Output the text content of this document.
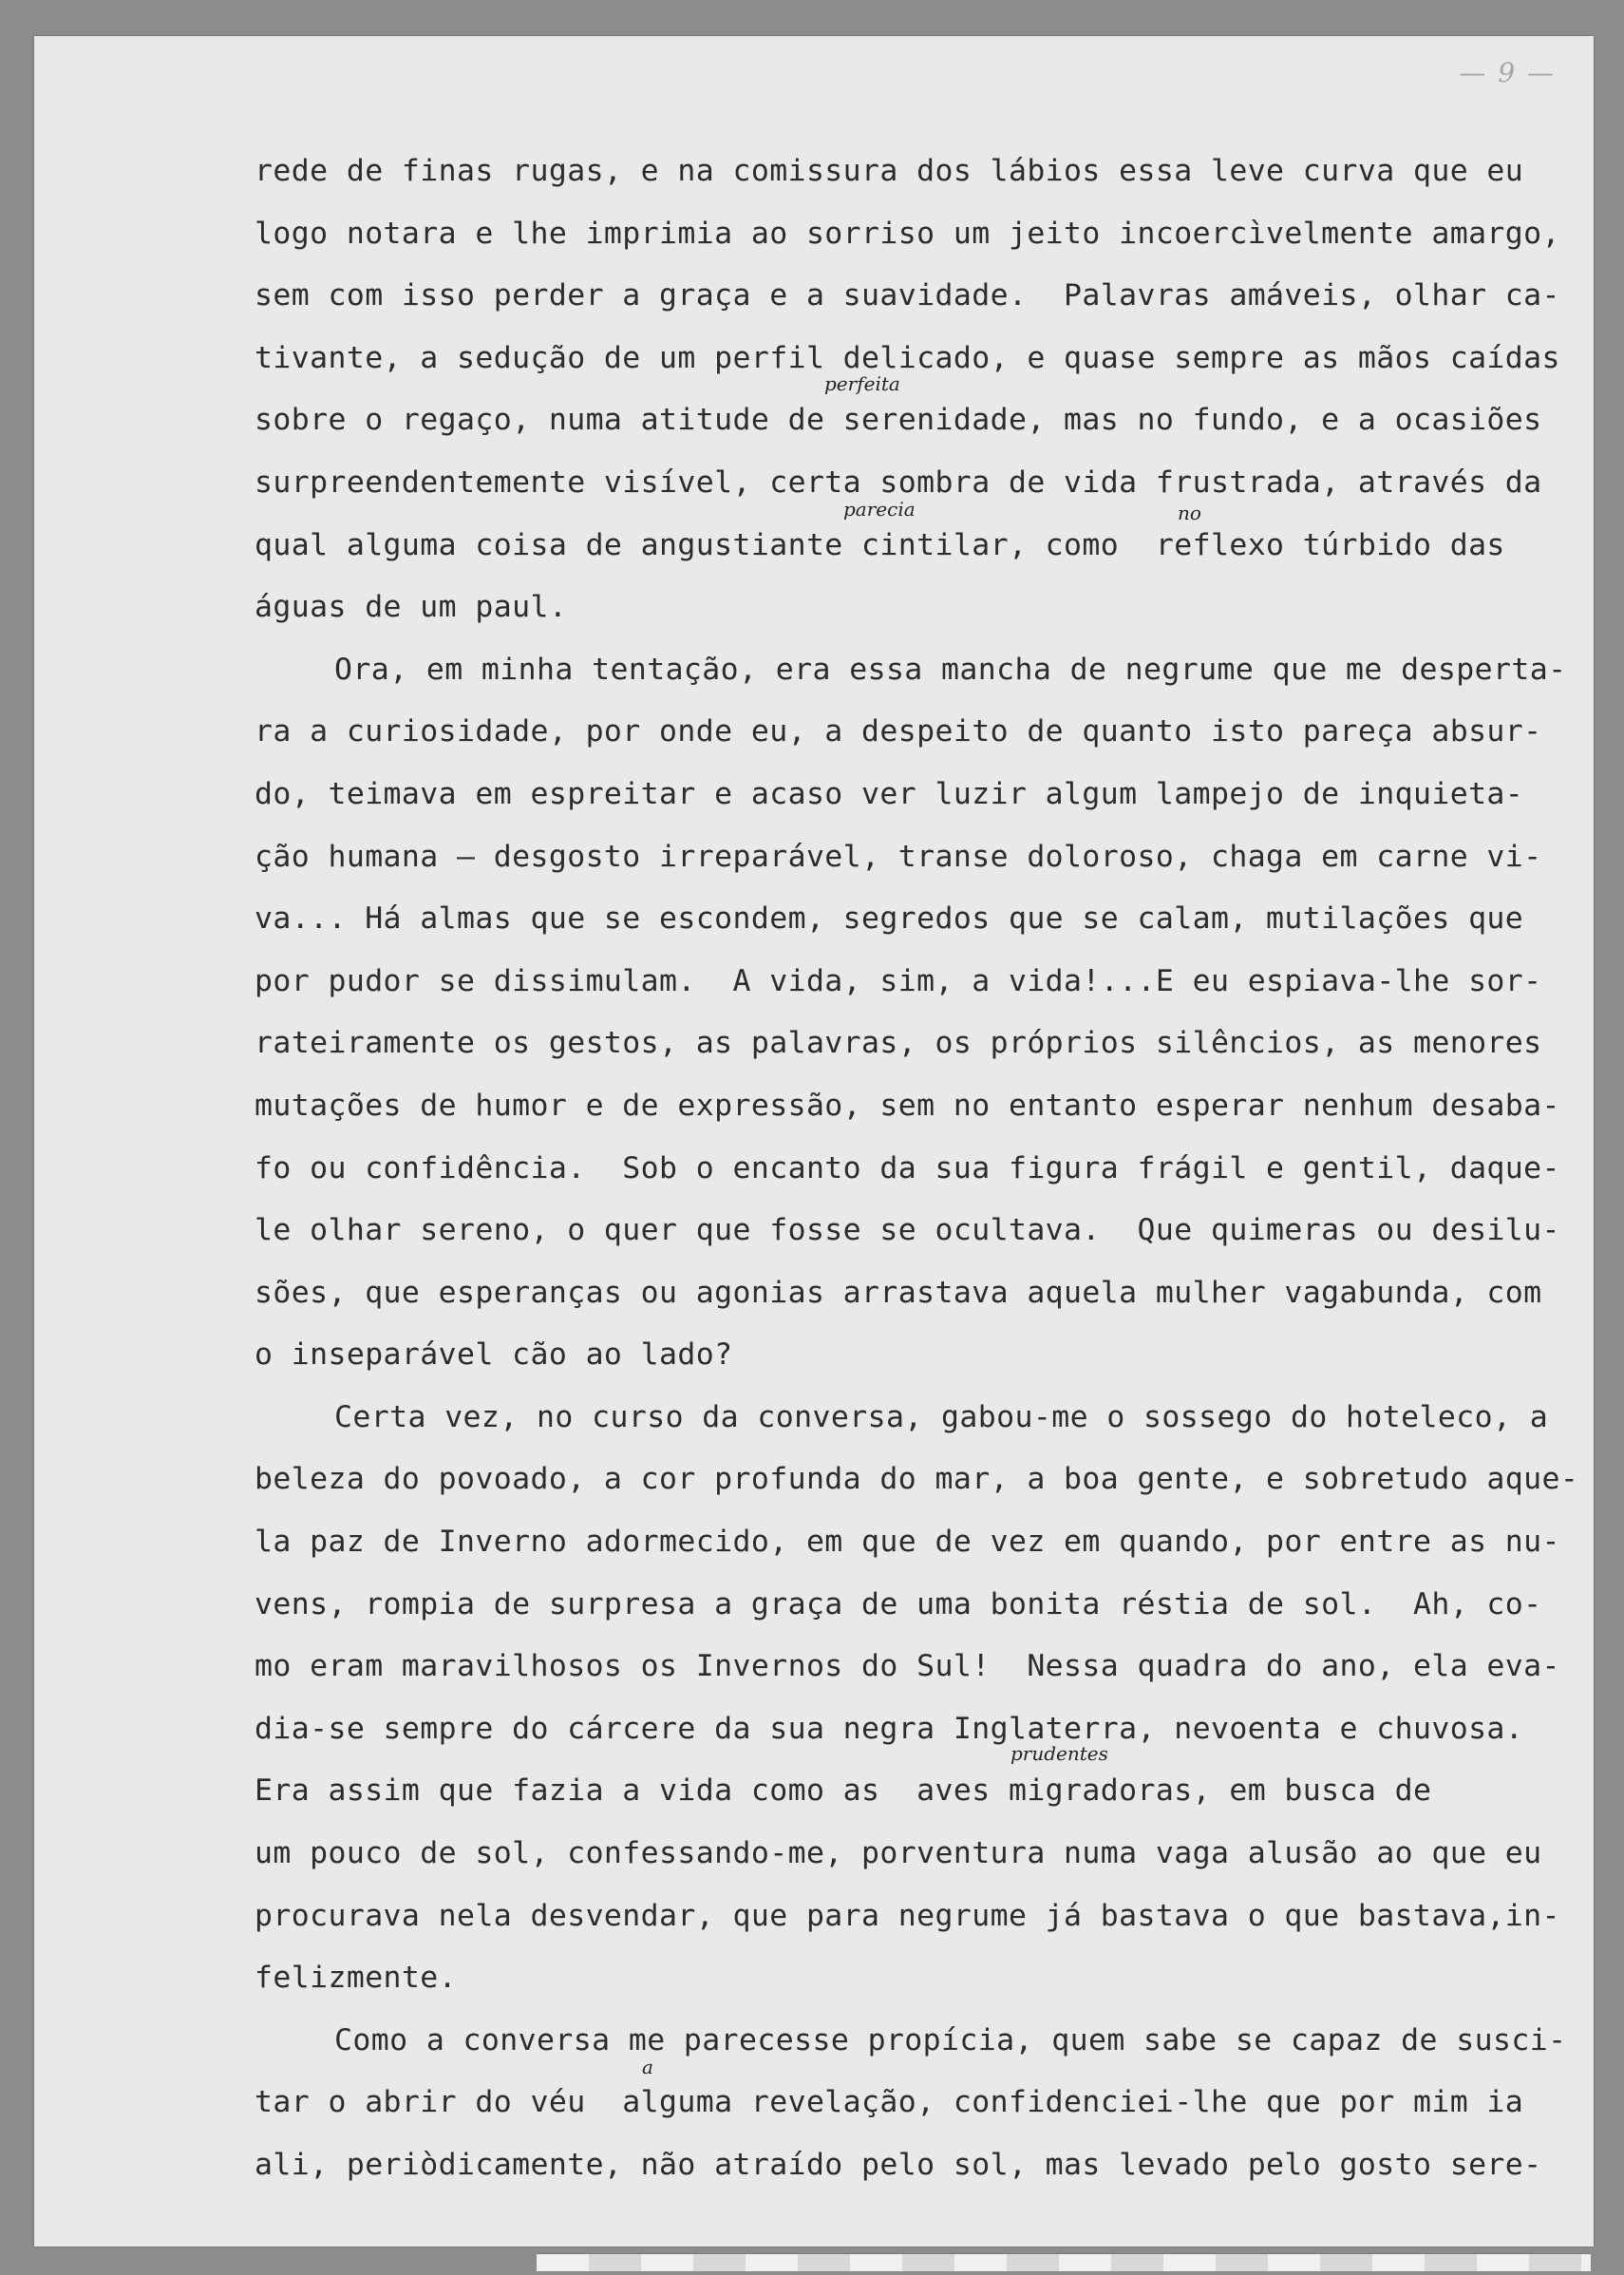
— 9 —
rede de finas rugas, e na comissura dos lábios essa leve curva que eu
logo notara e lhe imprimia ao sorriso um jeito incoercìvelmente amargo,
sem com isso perder a graça e a suavidade.  Palavras amáveis, olhar ca-
tivante, a sedução de um perfil delicado, e quase sempre as mãos caídas
sobre o regaço, numa atitude de serenidade, mas no fundo, e a ocasiões
surpreendentemente visível, certa sombra de vida frustrada, através da
qual alguma coisa de angustiante cintilar, como  reflexo túrbido das
águas de um paul.
Ora, em minha tentação, era essa mancha de negrume que me desperta-
ra a curiosidade, por onde eu, a despeito de quanto isto pareça absur-
do, teimava em espreitar e acaso ver luzir algum lampejo de inquieta-
ção humana — desgosto irreparável, transe doloroso, chaga em carne vi-
va... Há almas que se escondem, segredos que se calam, mutilações que
por pudor se dissimulam.  A vida, sim, a vida!...E eu espiava-lhe sor-
rateiramente os gestos, as palavras, os próprios silêncios, as menores
mutações de humor e de expressão, sem no entanto esperar nenhum desaba-
fo ou confidência.  Sob o encanto da sua figura frágil e gentil, daque-
le olhar sereno, o quer que fosse se ocultava.  Que quimeras ou desilu-
sões, que esperanças ou agonias arrastava aquela mulher vagabunda, com
o inseparável cão ao lado?
Certa vez, no curso da conversa, gabou-me o sossego do hoteleco, a
beleza do povoado, a cor profunda do mar, a boa gente, e sobretudo aque-
la paz de Inverno adormecido, em que de vez em quando, por entre as nu-
vens, rompia de surpresa a graça de uma bonita réstia de sol.  Ah, co-
mo eram maravilhosos os Invernos do Sul!  Nessa quadra do ano, ela eva-
dia-se sempre do cárcere da sua negra Inglaterra, nevoenta e chuvosa.
Era assim que fazia a vida como as  aves migradoras, em busca de
um pouco de sol, confessando-me, porventura numa vaga alusão ao que eu
procurava nela desvendar, que para negrume já bastava o que bastava,in-
felizmente.
Como a conversa me parecesse propícia, quem sabe se capaz de susci-
tar o abrir do véu  alguma revelação, confidenciei-lhe que por mim ia
ali, periòdicamente, não atraído pelo sol, mas levado pelo gosto sere-
perfeita
parecia	no
prudentes
a
